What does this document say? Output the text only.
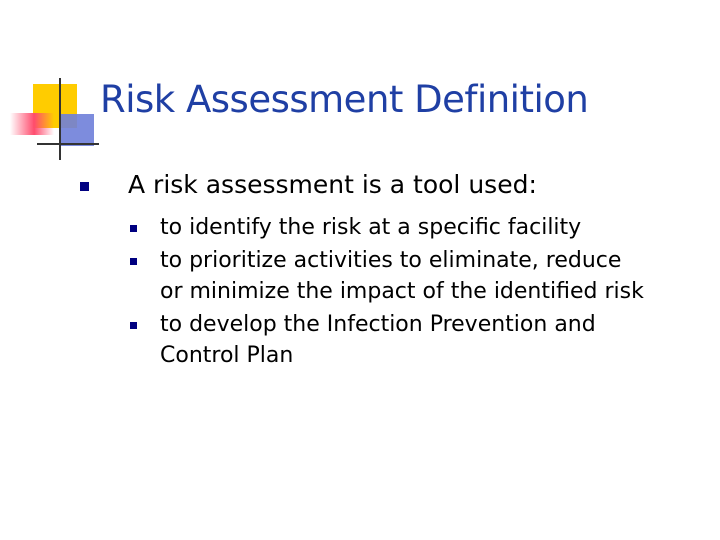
Risk Assessment Definition
A risk assessment is a tool used:
to identify the risk at a specific facility
to prioritize activities to eliminate, reduce
or minimize the impact of the identified risk
to develop the Infection Prevention and
Control Plan
